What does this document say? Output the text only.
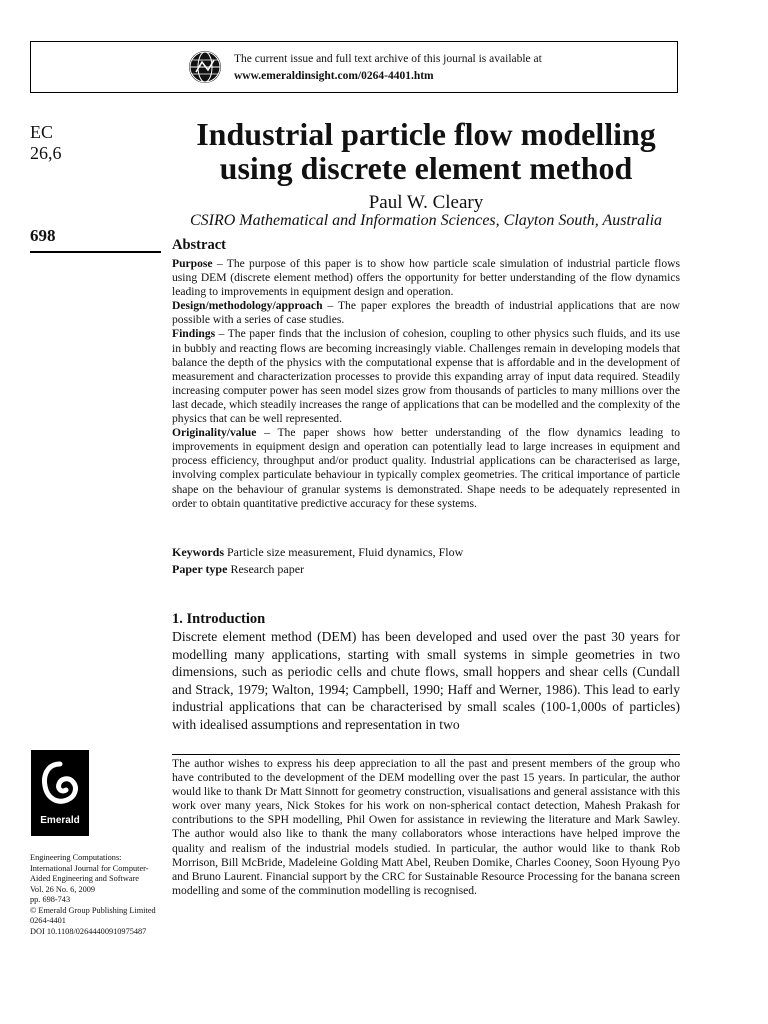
The current issue and full text archive of this journal is available at
www.emeraldinsight.com/0264-4401.htm
EC
26,6
698
Industrial particle flow modelling
using discrete element method
Paul W. Cleary
CSIRO Mathematical and Information Sciences, Clayton South, Australia
Abstract

Purpose – The purpose of this paper is to show how particle scale simulation of industrial particle flows using DEM (discrete element method) offers the opportunity for better understanding of the flow dynamics leading to improvements in equipment design and operation.

Design/methodology/approach – The paper explores the breadth of industrial applications that are now possible with a series of case studies.

Findings – The paper finds that the inclusion of cohesion, coupling to other physics such fluids, and its use in bubbly and reacting flows are becoming increasingly viable. Challenges remain in developing models that balance the depth of the physics with the computational expense that is affordable and in the development of measurement and characterization processes to provide this expanding array of input data required. Steadily increasing computer power has seen model sizes grow from thousands of particles to many millions over the last decade, which steadily increases the range of applications that can be modelled and the complexity of the physics that can be well represented.

Originality/value – The paper shows how better understanding of the flow dynamics leading to improvements in equipment design and operation can potentially lead to large increases in equipment and process efficiency, throughput and/or product quality. Industrial applications can be characterised as large, involving complex particulate behaviour in typically complex geometries. The critical importance of particle shape on the behaviour of granular systems is demonstrated. Shape needs to be adequately represented in order to obtain quantitative predictive accuracy for these systems.

Keywords Particle size measurement, Fluid dynamics, Flow
Paper type Research paper
1. Introduction

Discrete element method (DEM) has been developed and used over the past 30 years for modelling many applications, starting with small systems in simple geometries in two dimensions, such as periodic cells and chute flows, small hoppers and shear cells (Cundall and Strack, 1979; Walton, 1994; Campbell, 1990; Haff and Werner, 1986). This lead to early industrial applications that can be characterised by small scales (100-1,000s of particles) with idealised assumptions and representation in two

The author wishes to express his deep appreciation to all the past and present members of the group who have contributed to the development of the DEM modelling over the past 15 years. In particular, the author would like to thank Dr Matt Sinnott for geometry construction, visualisations and general assistance with this work over many years, Nick Stokes for his work on non-spherical contact detection, Mahesh Prakash for contributions to the SPH modelling, Phil Owen for assistance in reviewing the literature and Mark Sawley. The author would also like to thank the many collaborators whose interactions have helped improve the quality and realism of the industrial models studied. In particular, the author would like to thank Rob Morrison, Bill McBride, Madeleine Golding Matt Abel, Reuben Domike, Charles Cooney, Soon Hyoung Pyo and Bruno Laurent. Financial support by the CRC for Sustainable Resource Processing for the banana screen modelling and some of the comminution modelling is recognised.

Emerald
Engineering Computations:
International Journal for Computer-
Aided Engineering and Software
Vol. 26 No. 6, 2009
pp. 698-743
© Emerald Group Publishing Limited
0264-4401
DOI 10.1108/02644400910975487
